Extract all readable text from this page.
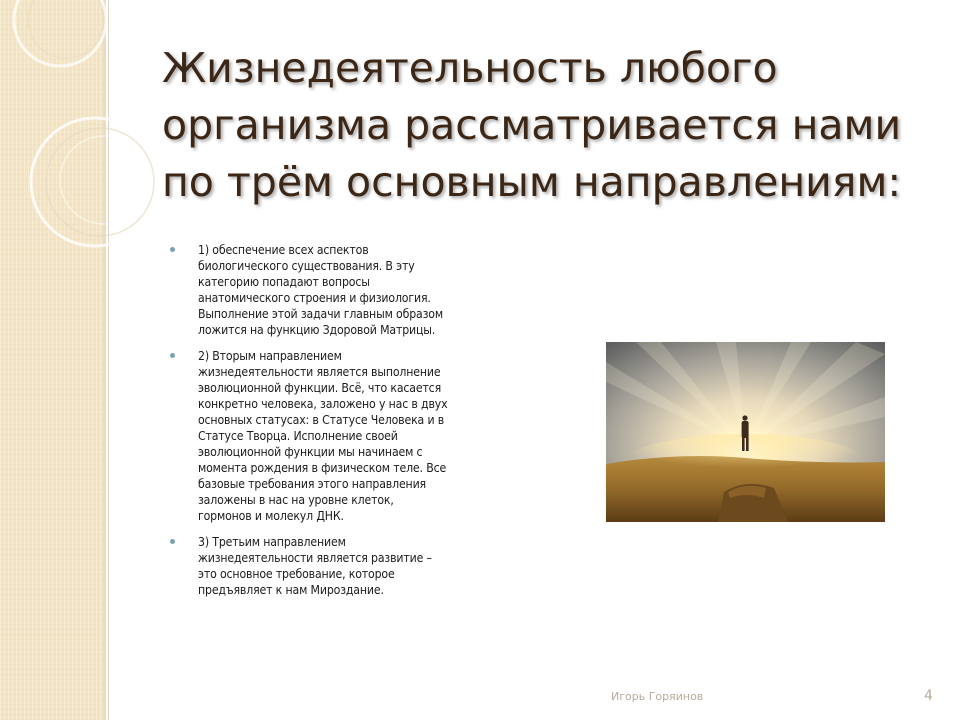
Жизнедеятельность любого организма рассматривается нами по трём основным направлениям:
1) обеспечение всех аспектов
биологического существования. В эту
категорию попадают вопросы
анатомического строения и физиология.
Выполнение этой задачи главным образом
ложится на функцию Здоровой Матрицы.
2) Вторым направлением
жизнедеятельности является выполнение
эволюционной функции. Всё, что касается
конкретно человека, заложено у нас в двух
основных статусах: в Статусе Человека и в
Статусе Творца. Исполнение своей
эволюционной функции мы начинаем с
момента рождения в физическом теле. Все
базовые требования этого направления
заложены в нас на уровне клеток,
гормонов и молекул ДНК.
3) Третьим направлением
жизнедеятельности является развитие –
это основное требование, которое
предъявляет к нам Мироздание.
Игорь Горяинов	4
